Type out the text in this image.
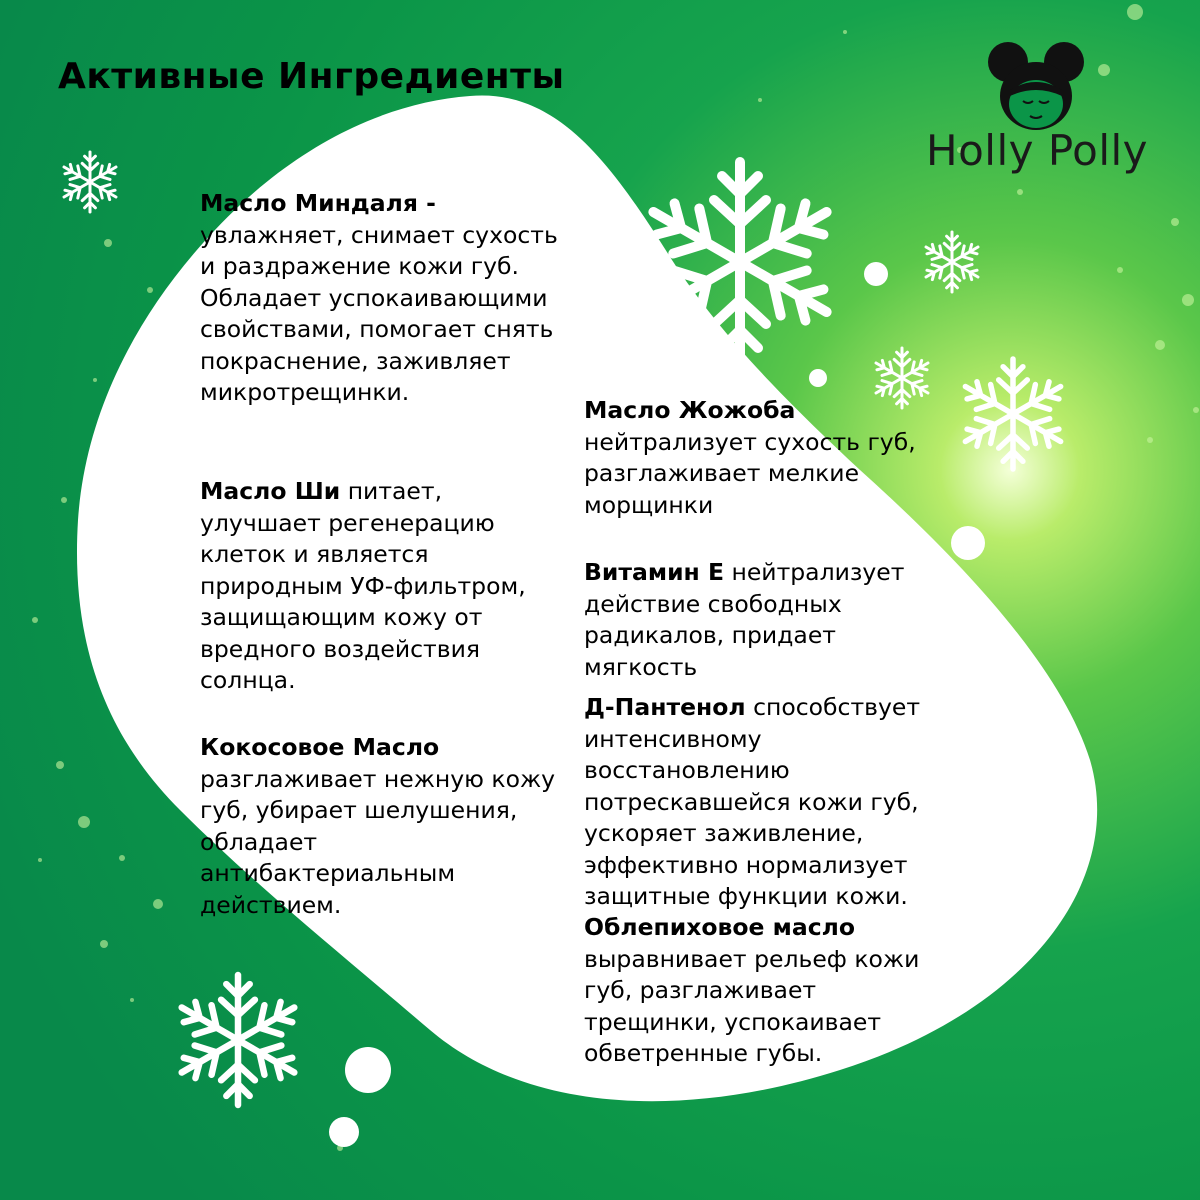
Активные Ингредиенты
Holly Polly
Масло Миндаля -
увлажняет, снимает сухость и раздражение кожи губ. Обладает успокаивающими свойствами, помогает снять покраснение, заживляет микротрещинки.
Масло Ши питает, улучшает регенерацию клеток и является природным УФ-фильтром, защищающим кожу от вредного воздействия солнца.
Кокосовое Масло
разглаживает нежную кожу губ, убирает шелушения, обладает антибактериальным действием.
Масло Жожоба
нейтрализует сухость губ, разглаживает мелкие морщинки
Витамин Е нейтрализует действие свободных радикалов, придает мягкость
Д-Пантенол способствует интенсивному восстановлению потрескавшейся кожи губ, ускоряет заживление, эффективно нормализует защитные функции кожи.
Облепиховое масло
выравнивает рельеф кожи губ, разглаживает трещинки, успокаивает обветренные губы.
